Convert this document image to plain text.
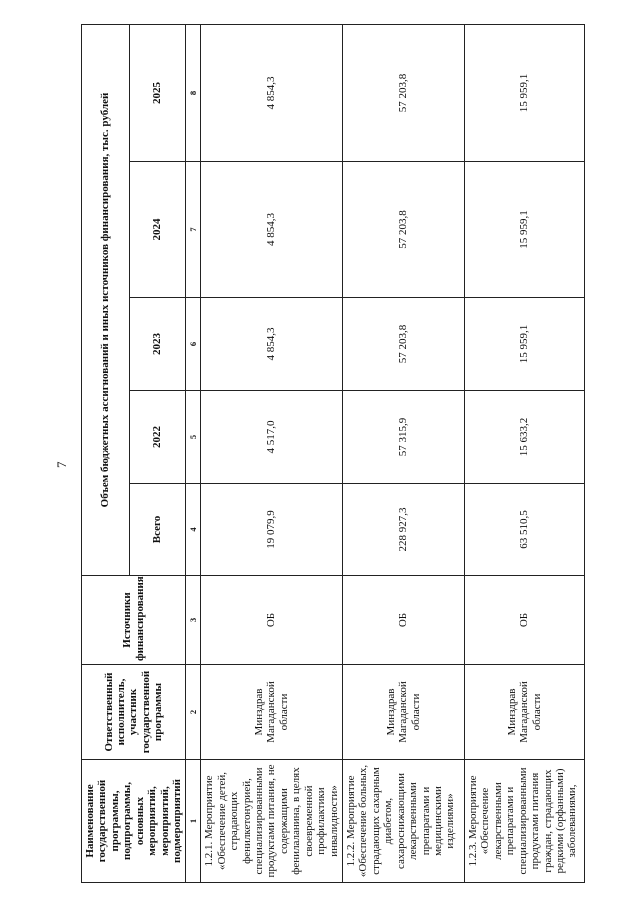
7
Наименование государственной программы, подпрограммы, основных мероприятий, мероприятий, подмероприятий	Ответственный исполнитель, участник государственной программы	Источники финансирования	Объем бюджетных ассигнований и иных источников финансирования, тыс. рублей				
			Всего	2022	2023	2024	2025
1	2	3	4	5	6	7	8
1.2.1. Мероприятие «Обеспечение детей, страдающих фенилкетонурией, специализированными продуктами питания, не содержащими фенилаланина, в целях своевременной профилактики инвалидности»	Минздрав Магаданской области	ОБ	19 079,9	4 517,0	4 854,3	4 854,3	4 854,3
1.2.2. Мероприятие «Обеспечение больных, страдающих сахарным диабетом, сахароснижающими лекарственными препаратами и медицинскими изделиями»	Минздрав Магаданской области	ОБ	228 927,3	57 315,9	57 203,8	57 203,8	57 203,8
1.2.3. Мероприятие «Обеспечение лекарственными препаратами и специализированными продуктами питания граждан, страдающих редкими (орфанными) заболеваниями,	Минздрав Магаданской области	ОБ	63 510,5	15 633,2	15 959,1	15 959,1	15 959,1
